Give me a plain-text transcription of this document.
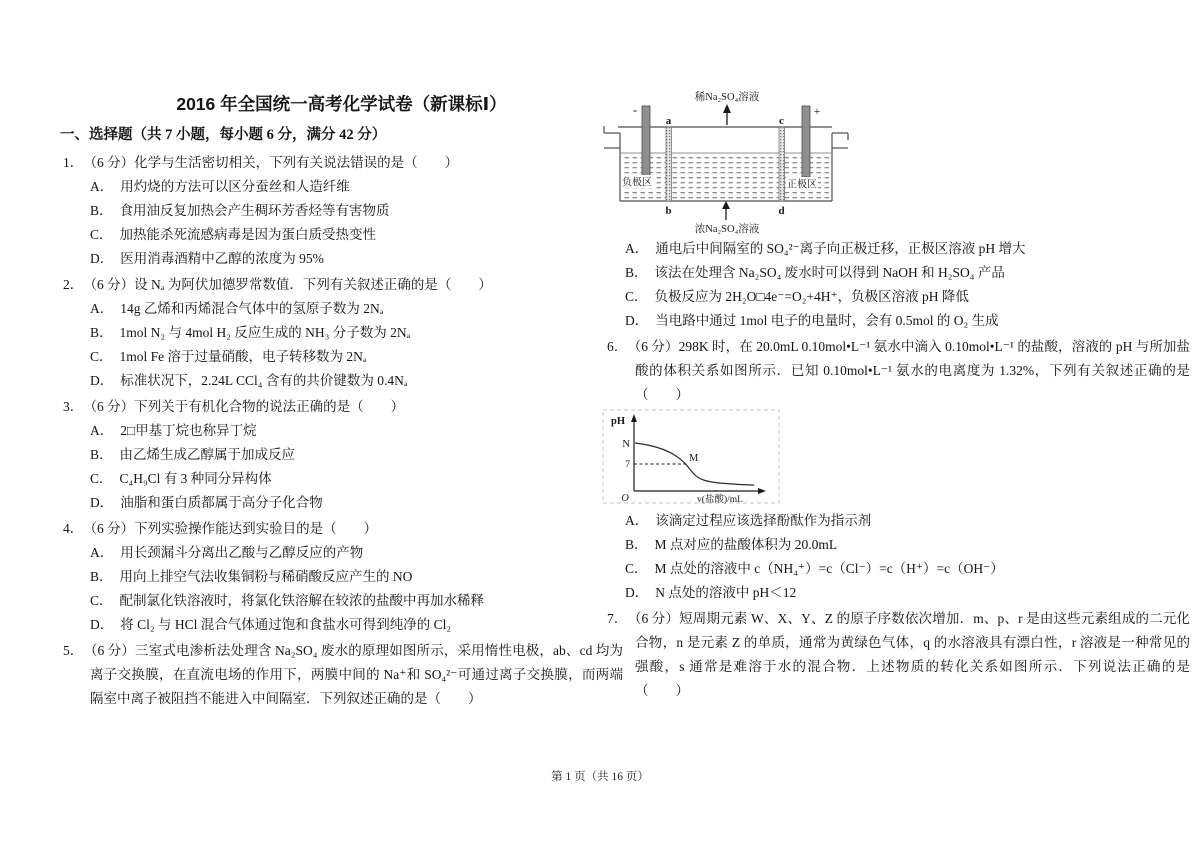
2016 年全国统一高考化学试卷（新课标Ⅰ）
一、选择题（共 7 小题，每小题 6 分，满分 42 分）
1． （6 分）化学与生活密切相关，下列有关说法错误的是（　　）
A． 用灼烧的方法可以区分蚕丝和人造纤维
B． 食用油反复加热会产生稠环芳香烃等有害物质
C． 加热能杀死流感病毒是因为蛋白质受热变性
D． 医用消毒酒精中乙醇的浓度为 95%
2． （6 分）设 Nₐ 为阿伏加德罗常数值．下列有关叙述正确的是（　　）
A． 14g 乙烯和丙烯混合气体中的氢原子数为 2Nₐ
B． 1mol N₂ 与 4mol H₂ 反应生成的 NH₃ 分子数为 2Nₐ
C． 1mol Fe 溶于过量硝酸，电子转移数为 2Nₐ
D． 标准状况下，2.24L CCl₄ 含有的共价键数为 0.4Nₐ
3． （6 分）下列关于有机化合物的说法正确的是（　　）
A． 2□甲基丁烷也称异丁烷
B． 由乙烯生成乙醇属于加成反应
C． C₄H₉Cl 有 3 种同分异构体
D． 油脂和蛋白质都属于高分子化合物
4． （6 分）下列实验操作能达到实验目的是（　　）
A． 用长颈漏斗分离出乙酸与乙醇反应的产物
B． 用向上排空气法收集铜粉与稀硝酸反应产生的 NO
C． 配制氯化铁溶液时，将氯化铁溶解在较浓的盐酸中再加水稀释
D． 将 Cl₂ 与 HCl 混合气体通过饱和食盐水可得到纯净的 Cl₂
5． （6 分）三室式电渗析法处理含 Na₂SO₄ 废水的原理如图所示，采用惰性电极，ab、cd 均为离子交换膜，在直流电场的作用下，两膜中间的 Na⁺和 SO₄²⁻可通过离子交换膜，而两端隔室中离子被阻挡不能进入中间隔室．下列叙述正确的是（　　）
稀Na₂SO₄溶液
-	+
a
b
c
d
负极区	正极区
浓Na₂SO₄溶液
A． 通电后中间隔室的 SO₄²⁻离子向正极迁移，正极区溶液 pH 增大
B． 该法在处理含 Na₂SO₄ 废水时可以得到 NaOH 和 H₂SO₄ 产品
C． 负极反应为 2H₂O□4e⁻=O₂+4H⁺，负极区溶液 pH 降低
D． 当电路中通过 1mol 电子的电量时，会有 0.5mol 的 O₂ 生成
6． （6 分）298K 时，在 20.0mL 0.10mol•L⁻¹ 氨水中滴入 0.10mol•L⁻¹ 的盐酸，溶液的 pH 与所加盐酸的体积关系如图所示．已知 0.10mol•L⁻¹ 氨水的电离度为 1.32%，下列有关叙述正确的是（　　）
pH
N
7
M
O	v(盐酸)/mL
A． 该滴定过程应该选择酚酞作为指示剂
B． M 点对应的盐酸体积为 20.0mL
C． M 点处的溶液中 c（NH₄⁺）=c（Cl⁻）=c（H⁺）=c（OH⁻）
D． N 点处的溶液中 pH＜12
7． （6 分）短周期元素 W、X、Y、Z 的原子序数依次增加．m、p、r 是由这些元素组成的二元化合物，n 是元素 Z 的单质，通常为黄绿色气体，q 的水溶液具有漂白性，r 溶液是一种常见的强酸，s 通常是难溶于水的混合物．上述物质的转化关系如图所示．下列说法正确的是（　　）
第 1 页（共 16 页）
